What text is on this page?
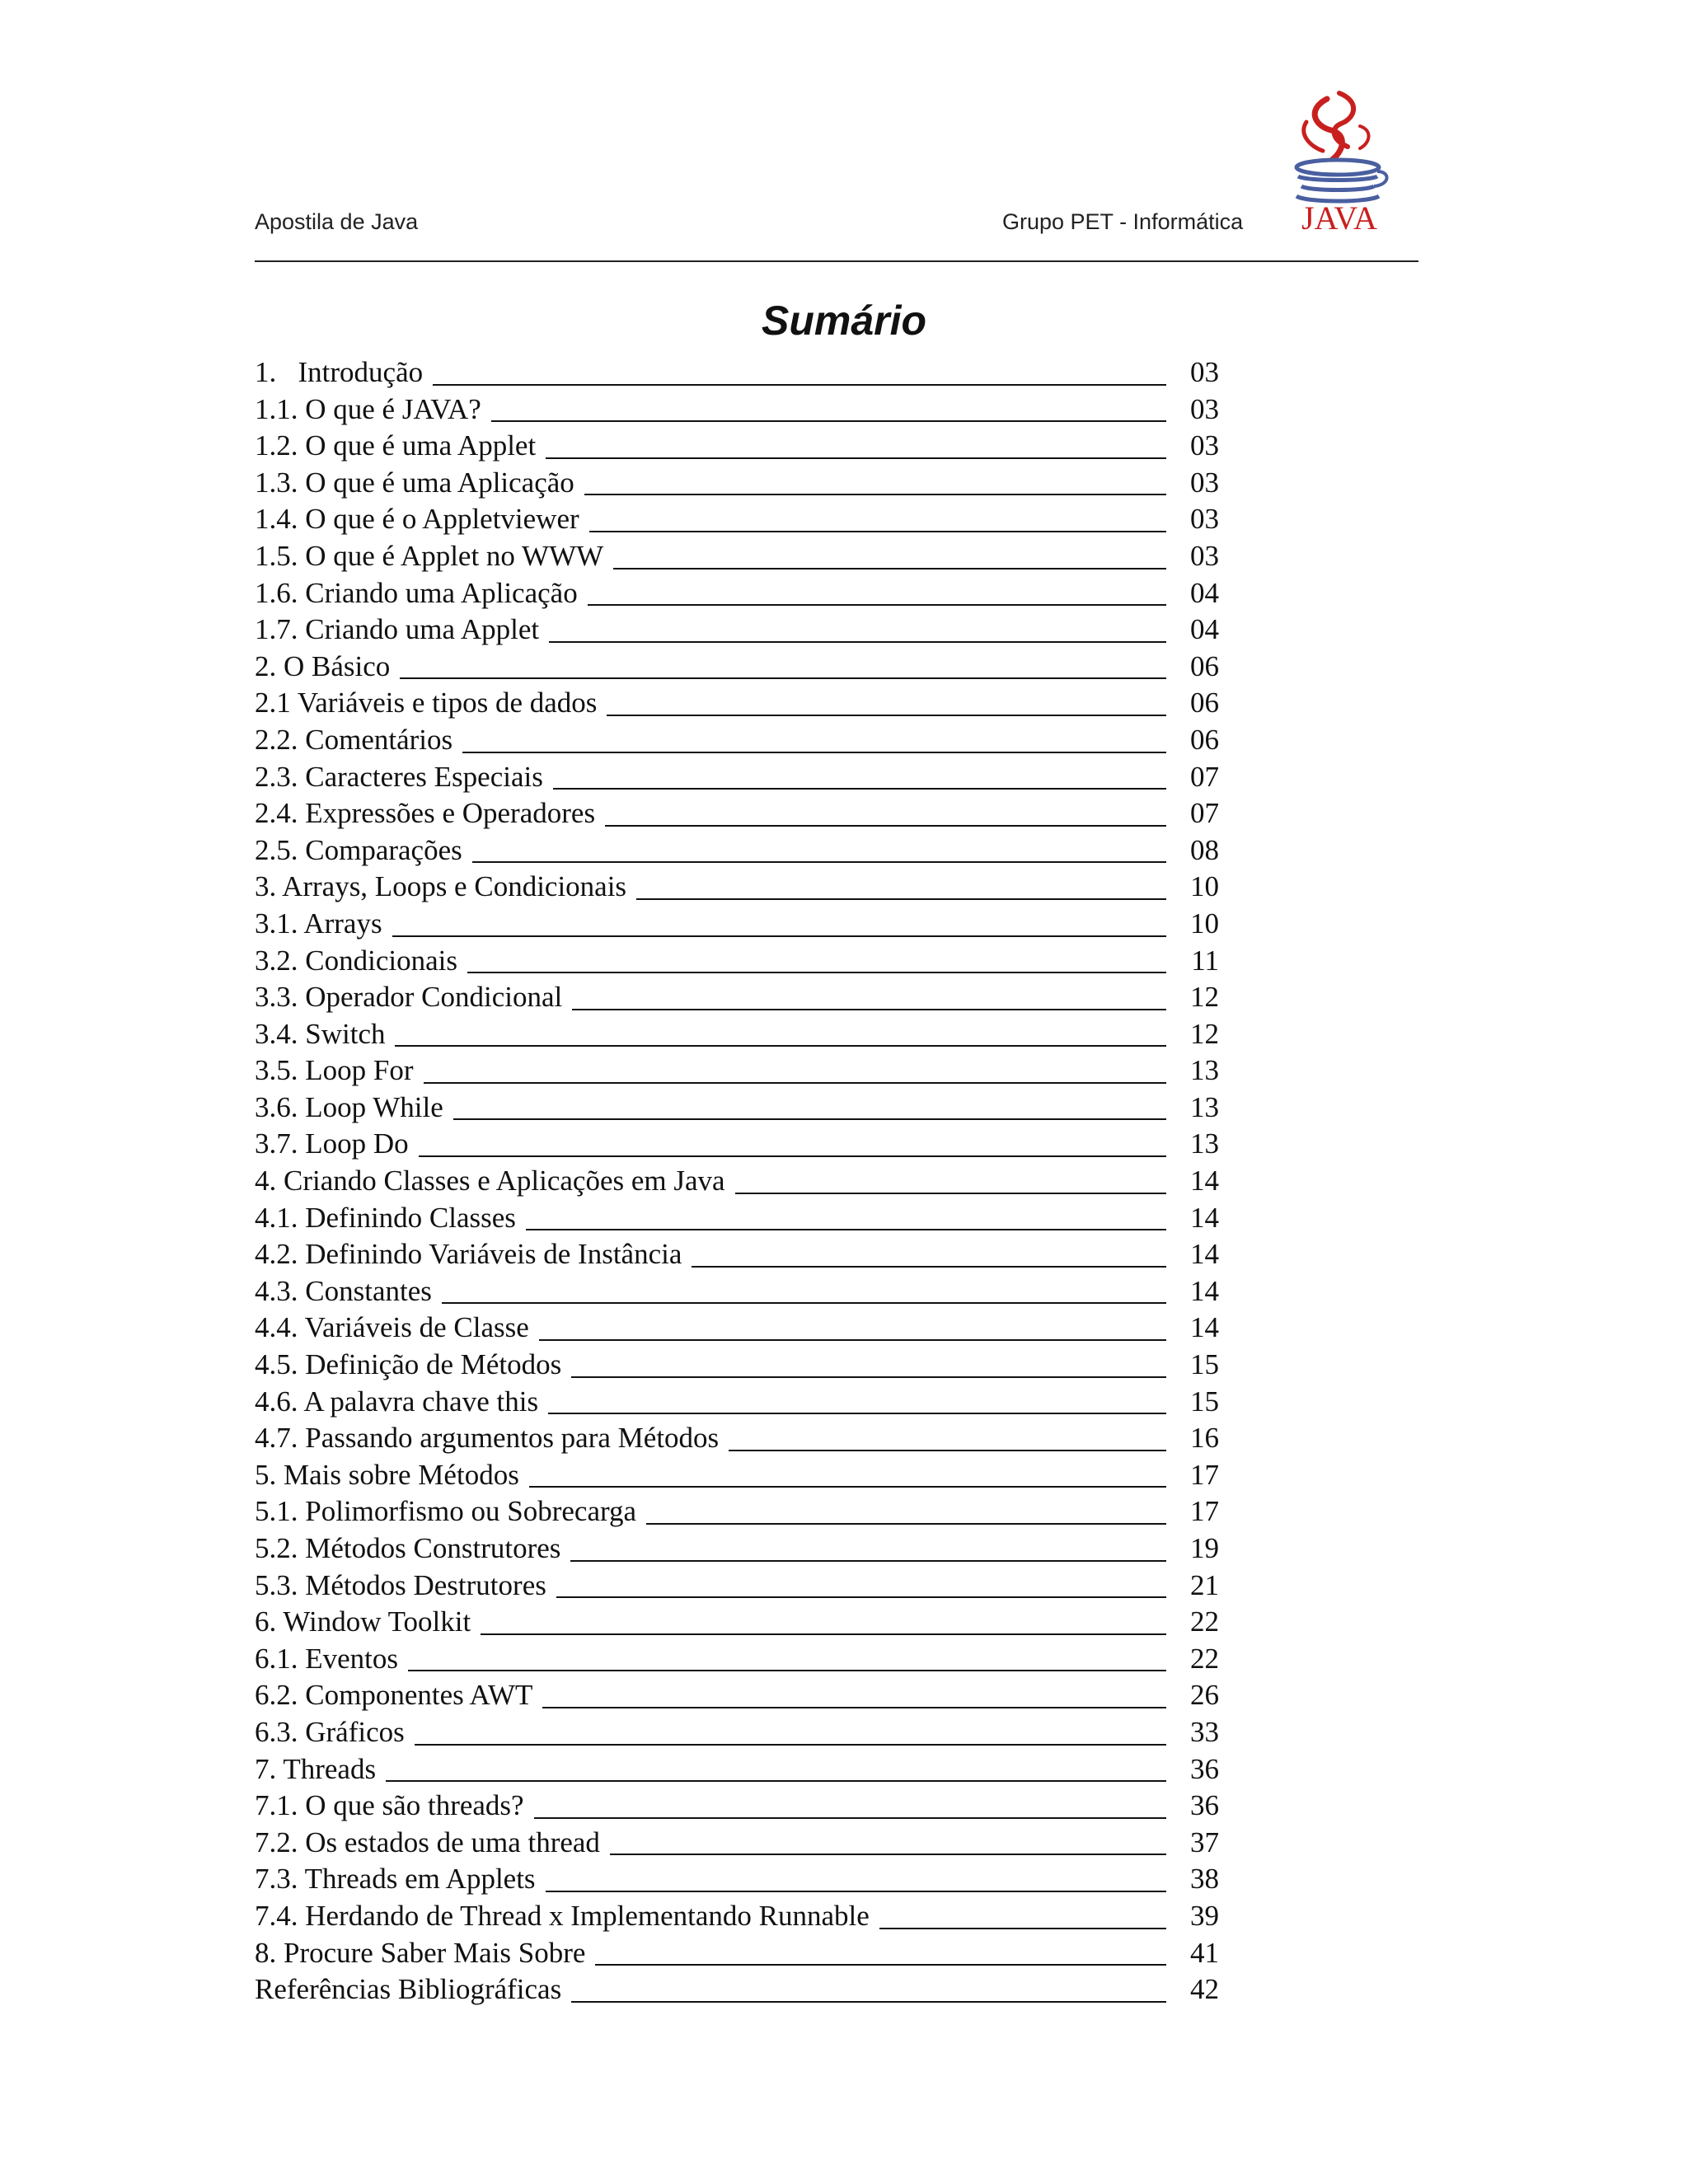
Apostila de Java	Grupo PET - Informática JAVA
Sumário
1.   Introdução	03
1.1. O que é JAVA?	03
1.2. O que é uma Applet	03
1.3. O que é uma Aplicação	03
1.4. O que é o Appletviewer	03
1.5. O que é Applet no WWW	03
1.6. Criando uma Aplicação	04
1.7. Criando uma Applet	04
2. O Básico	06
2.1 Variáveis e tipos de dados	06
2.2. Comentários	06
2.3. Caracteres Especiais	07
2.4. Expressões e Operadores	07
2.5. Comparações	08
3. Arrays, Loops e Condicionais	10
3.1. Arrays	10
3.2. Condicionais	11
3.3. Operador Condicional	12
3.4. Switch	12
3.5. Loop For	13
3.6. Loop While	13
3.7. Loop Do	13
4. Criando Classes e Aplicações em Java	14
4.1. Definindo Classes	14
4.2. Definindo Variáveis de Instância	14
4.3. Constantes	14
4.4. Variáveis de Classe	14
4.5. Definição de Métodos	15
4.6. A palavra chave this	15
4.7. Passando argumentos para Métodos	16
5. Mais sobre Métodos	17
5.1. Polimorfismo ou Sobrecarga	17
5.2. Métodos Construtores	19
5.3. Métodos Destrutores	21
6. Window Toolkit	22
6.1. Eventos	22
6.2. Componentes AWT	26
6.3. Gráficos	33
7. Threads	36
7.1. O que são threads?	36
7.2. Os estados de uma thread	37
7.3. Threads em Applets	38
7.4. Herdando de Thread x Implementando Runnable	39
8. Procure Saber Mais Sobre	41
Referências Bibliográficas	42
